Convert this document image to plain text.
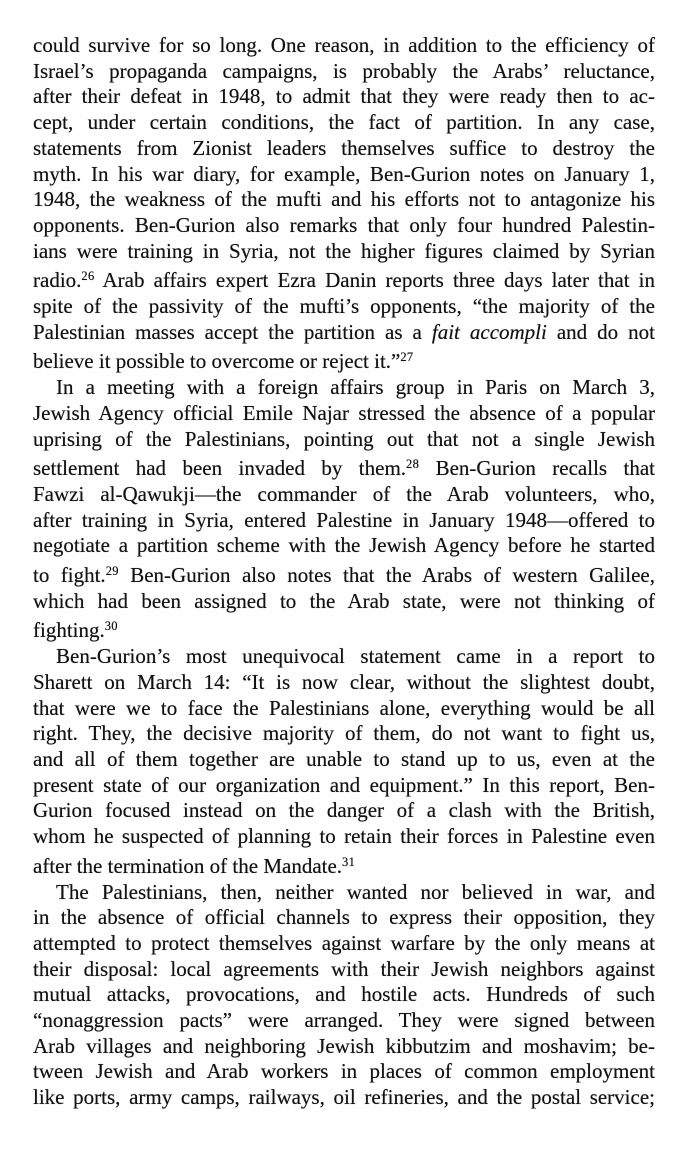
could survive for so long. One reason, in addition to the efficiency of
Israel’s propaganda campaigns, is probably the Arabs’ reluctance,
after their defeat in 1948, to admit that they were ready then to ac-
cept, under certain conditions, the fact of partition. In any case,
statements from Zionist leaders themselves suffice to destroy the
myth. In his war diary, for example, Ben-Gurion notes on January 1,
1948, the weakness of the mufti and his efforts not to antagonize his
opponents. Ben-Gurion also remarks that only four hundred Palestin-
ians were training in Syria, not the higher figures claimed by Syrian
radio.$^{26}$ Arab affairs expert Ezra Danin reports three days later that in
spite of the passivity of the mufti’s opponents, “the majority of the
Palestinian masses accept the partition as a fait accompli and do not
believe it possible to overcome or reject it.”$^{27}$
In a meeting with a foreign affairs group in Paris on March 3,
Jewish Agency official Emile Najar stressed the absence of a popular
uprising of the Palestinians, pointing out that not a single Jewish
settlement had been invaded by them.$^{28}$ Ben-Gurion recalls that
Fawzi al-Qawukji—the commander of the Arab volunteers, who,
after training in Syria, entered Palestine in January 1948—offered to
negotiate a partition scheme with the Jewish Agency before he started
to fight.$^{29}$ Ben-Gurion also notes that the Arabs of western Galilee,
which had been assigned to the Arab state, were not thinking of
fighting.$^{30}$
Ben-Gurion’s most unequivocal statement came in a report to
Sharett on March 14: “It is now clear, without the slightest doubt,
that were we to face the Palestinians alone, everything would be all
right. They, the decisive majority of them, do not want to fight us,
and all of them together are unable to stand up to us, even at the
present state of our organization and equipment.” In this report, Ben-
Gurion focused instead on the danger of a clash with the British,
whom he suspected of planning to retain their forces in Palestine even
after the termination of the Mandate.$^{31}$
The Palestinians, then, neither wanted nor believed in war, and
in the absence of official channels to express their opposition, they
attempted to protect themselves against warfare by the only means at
their disposal: local agreements with their Jewish neighbors against
mutual attacks, provocations, and hostile acts. Hundreds of such
“nonaggression pacts” were arranged. They were signed between
Arab villages and neighboring Jewish kibbutzim and moshavim; be-
tween Jewish and Arab workers in places of common employment
like ports, army camps, railways, oil refineries, and the postal service;
